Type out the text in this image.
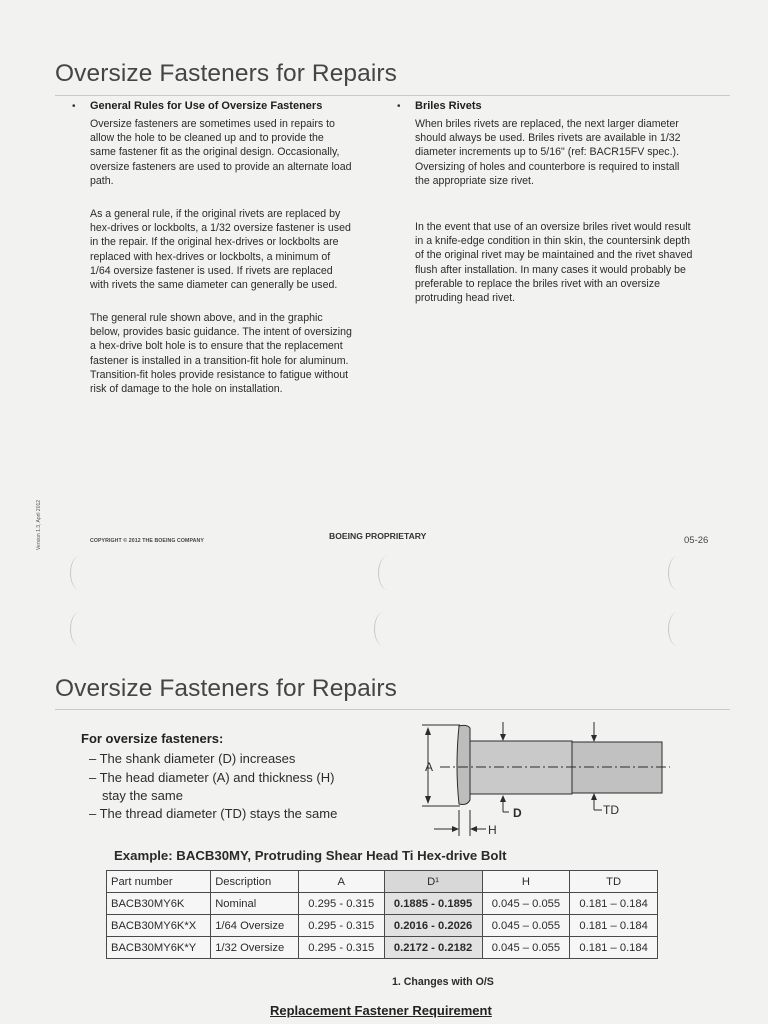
Oversize Fasteners for Repairs
• General Rules for Use of Oversize Fasteners
Oversize fasteners are sometimes used in repairs to allow the hole to be cleaned up and to provide the same fastener fit as the original design. Occasionally, oversize fasteners are used to provide an alternate load path.
As a general rule, if the original rivets are replaced by hex-drives or lockbolts, a 1/32 oversize fastener is used in the repair. If the original hex-drives or lockbolts are replaced with hex-drives or lockbolts, a minimum of 1/64 oversize fastener is used. If rivets are replaced with rivets the same diameter can generally be used.
The general rule shown above, and in the graphic below, provides basic guidance. The intent of oversizing a hex-drive bolt hole is to ensure that the replacement fastener is installed in a transition-fit hole for aluminum. Transition-fit holes provide resistance to fatigue without risk of damage to the hole on installation.
• Briles Rivets
When briles rivets are replaced, the next larger diameter should always be used. Briles rivets are available in 1/32 diameter increments up to 5/16" (ref: BACR15FV spec.). Oversizing of holes and counterbore is required to install the appropriate size rivet.
In the event that use of an oversize briles rivet would result in a knife-edge condition in thin skin, the countersink depth of the original rivet may be maintained and the rivet shaved flush after installation. In many cases it would probably be preferable to replace the briles rivet with an oversize protruding head rivet.
Version 1.3, April 2012	COPYRIGHT © 2012 THE BOEING COMPANY	BOEING PROPRIETARY	05-26
Oversize Fasteners for Repairs
For oversize fasteners:
– The shank diameter (D) increases
– The head diameter (A) and thickness (H)
stay the same
– The thread diameter (TD) stays the same
A
D	TD
H
Example: BACB30MY, Protruding Shear Head Ti Hex-drive Bolt
Part number	Description	A	D¹	H	TD
BACB30MY6K	Nominal	0.295 - 0.315	0.1885 - 0.1895	0.045 – 0.055	0.181 – 0.184
BACB30MY6K*X	1/64 Oversize	0.295 - 0.315	0.2016 - 0.2026	0.045 – 0.055	0.181 – 0.184
BACB30MY6K*Y	1/32 Oversize	0.295 - 0.315	0.2172 - 0.2182	0.045 – 0.055	0.181 – 0.184
1. Changes with O/S
Replacement Fastener Requirement
